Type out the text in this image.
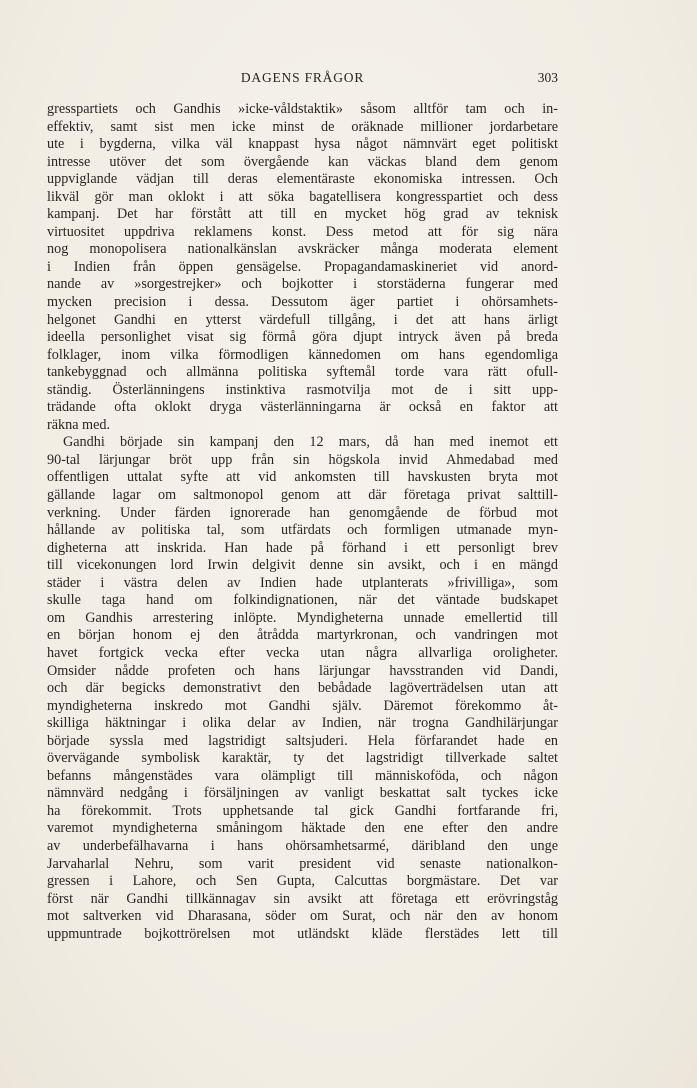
DAGENS FRÅGOR	303
gresspartiets och Gandhis »icke-våldstaktik» såsom alltför tam och in-
effektiv, samt sist men icke minst de oräknade millioner jordarbetare
ute i bygderna, vilka väl knappast hysa något nämnvärt eget politiskt
intresse utöver det som övergående kan väckas bland dem genom
uppviglande vädjan till deras elementäraste ekonomiska intressen. Och
likväl gör man oklokt i att söka bagatellisera kongresspartiet och dess
kampanj. Det har förstått att till en mycket hög grad av teknisk
virtuositet uppdriva reklamens konst. Dess metod att för sig nära
nog monopolisera nationalkänslan avskräcker många moderata element
i Indien från öppen gensägelse. Propagandamaskineriet vid anord-
nande av »sorgestrejker» och bojkotter i storstäderna fungerar med
mycken precision i dessa. Dessutom äger partiet i ohörsamhets-
helgonet Gandhi en ytterst värdefull tillgång, i det att hans ärligt
ideella personlighet visat sig förmå göra djupt intryck även på breda
folklager, inom vilka förmodligen kännedomen om hans egendomliga
tankebyggnad och allmänna politiska syftemål torde vara rätt ofull-
ständig. Österlänningens instinktiva rasmotvilja mot de i sitt upp-
trädande ofta oklokt dryga västerlänningarna är också en faktor att
räkna med.
Gandhi började sin kampanj den 12 mars, då han med inemot ett
90-tal lärjungar bröt upp från sin högskola invid Ahmedabad med
offentligen uttalat syfte att vid ankomsten till havskusten bryta mot
gällande lagar om saltmonopol genom att där företaga privat salttill-
verkning. Under färden ignorerade han genomgående de förbud mot
hållande av politiska tal, som utfärdats och formligen utmanade myn-
digheterna att inskrida. Han hade på förhand i ett personligt brev
till vicekonungen lord Irwin delgivit denne sin avsikt, och i en mängd
städer i västra delen av Indien hade utplanterats »frivilliga», som
skulle taga hand om folkindignationen, när det väntade budskapet
om Gandhis arrestering inlöpte. Myndigheterna unnade emellertid till
en början honom ej den åtrådda martyrkronan, och vandringen mot
havet fortgick vecka efter vecka utan några allvarliga oroligheter.
Omsider nådde profeten och hans lärjungar havsstranden vid Dandi,
och där begicks demonstrativt den bebådade lagöverträdelsen utan att
myndigheterna inskredo mot Gandhi själv. Däremot förekommo åt-
skilliga häktningar i olika delar av Indien, när trogna Gandhilärjungar
började syssla med lagstridigt saltsjuderi. Hela förfarandet hade en
övervägande symbolisk karaktär, ty det lagstridigt tillverkade saltet
befanns mångenstädes vara olämpligt till människoföda, och någon
nämnvärd nedgång i försäljningen av vanligt beskattat salt tyckes icke
ha förekommit. Trots upphetsande tal gick Gandhi fortfarande fri,
varemot myndigheterna småningom häktade den ene efter den andre
av underbefälhavarna i hans ohörsamhetsarmé, däribland den unge
Jarvaharlal Nehru, som varit president vid senaste nationalkon-
gressen i Lahore, och Sen Gupta, Calcuttas borgmästare. Det var
först när Gandhi tillkännagav sin avsikt att företaga ett erövringståg
mot saltverken vid Dharasana, söder om Surat, och när den av honom
uppmuntrade bojkottrörelsen mot utländskt kläde flerstädes lett till
